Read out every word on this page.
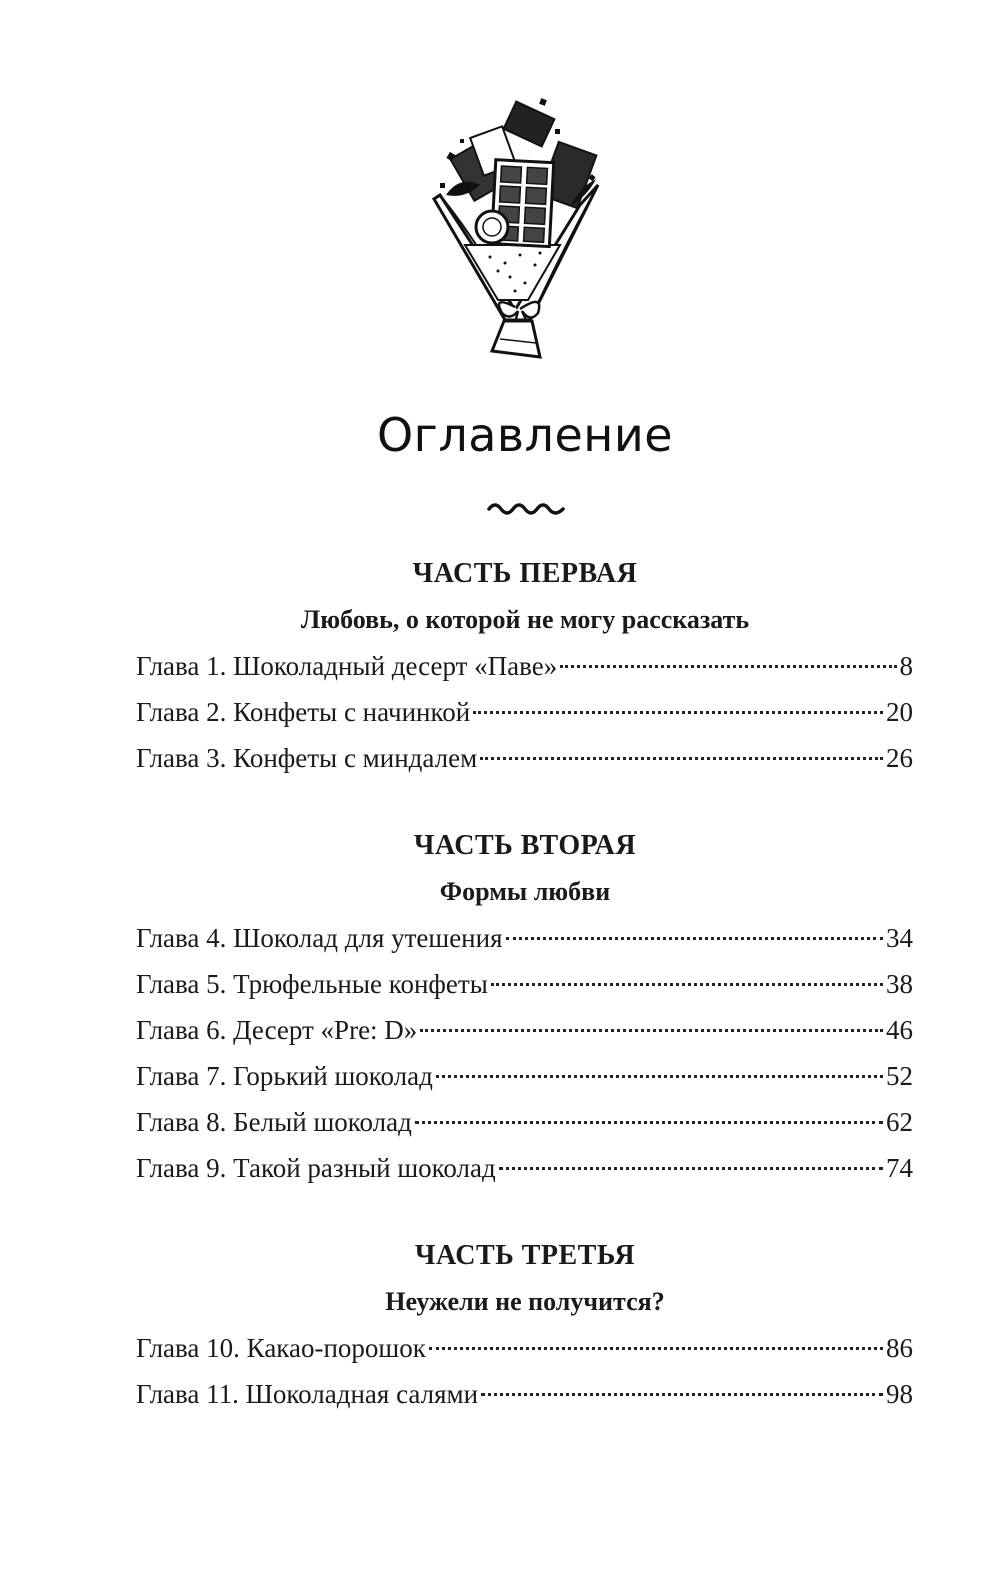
Оглавление
ЧАСТЬ ПЕРВАЯ
Любовь, о которой не могу рассказать
Глава 1. Шоколадный десерт «Паве»	8
Глава 2. Конфеты с начинкой	20
Глава 3. Конфеты с миндалем	26
ЧАСТЬ ВТОРАЯ
Формы любви
Глава 4. Шоколад для утешения	34
Глава 5. Трюфельные конфеты	38
Глава 6. Десерт «Pre: D»	46
Глава 7. Горький шоколад	52
Глава 8. Белый шоколад	62
Глава 9. Такой разный шоколад	74
ЧАСТЬ ТРЕТЬЯ
Неужели не получится?
Глава 10. Какао-порошок	86
Глава 11. Шоколадная салями	98
